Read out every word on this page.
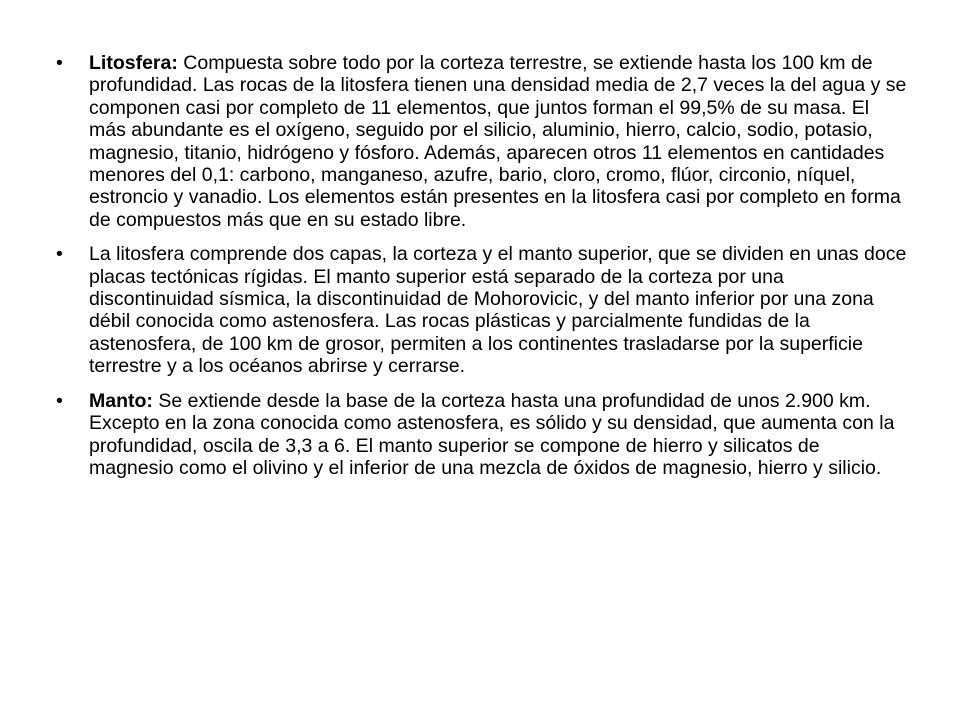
• Litosfera: Compuesta sobre todo por la corteza terrestre, se extiende hasta los 100 km de profundidad. Las rocas de la litosfera tienen una densidad media de 2,7 veces la del agua y se componen casi por completo de 11 elementos, que juntos forman el 99,5% de su masa. El más abundante es el oxígeno, seguido por el silicio, aluminio, hierro, calcio, sodio, potasio, magnesio, titanio, hidrógeno y fósforo. Además, aparecen otros 11 elementos en cantidades menores del 0,1: carbono, manganeso, azufre, bario, cloro, cromo, flúor, circonio, níquel, estroncio y vanadio. Los elementos están presentes en la litosfera casi por completo en forma de compuestos más que en su estado libre.
• La litosfera comprende dos capas, la corteza y el manto superior, que se dividen en unas doce placas tectónicas rígidas. El manto superior está separado de la corteza por una discontinuidad sísmica, la discontinuidad de Mohorovicic, y del manto inferior por una zona débil conocida como astenosfera. Las rocas plásticas y parcialmente fundidas de la astenosfera, de 100 km de grosor, permiten a los continentes trasladarse por la superficie terrestre y a los océanos abrirse y cerrarse.
• Manto: Se extiende desde la base de la corteza hasta una profundidad de unos 2.900 km. Excepto en la zona conocida como astenosfera, es sólido y su densidad, que aumenta con la profundidad, oscila de 3,3 a 6. El manto superior se compone de hierro y silicatos de magnesio como el olivino y el inferior de una mezcla de óxidos de magnesio, hierro y silicio.
